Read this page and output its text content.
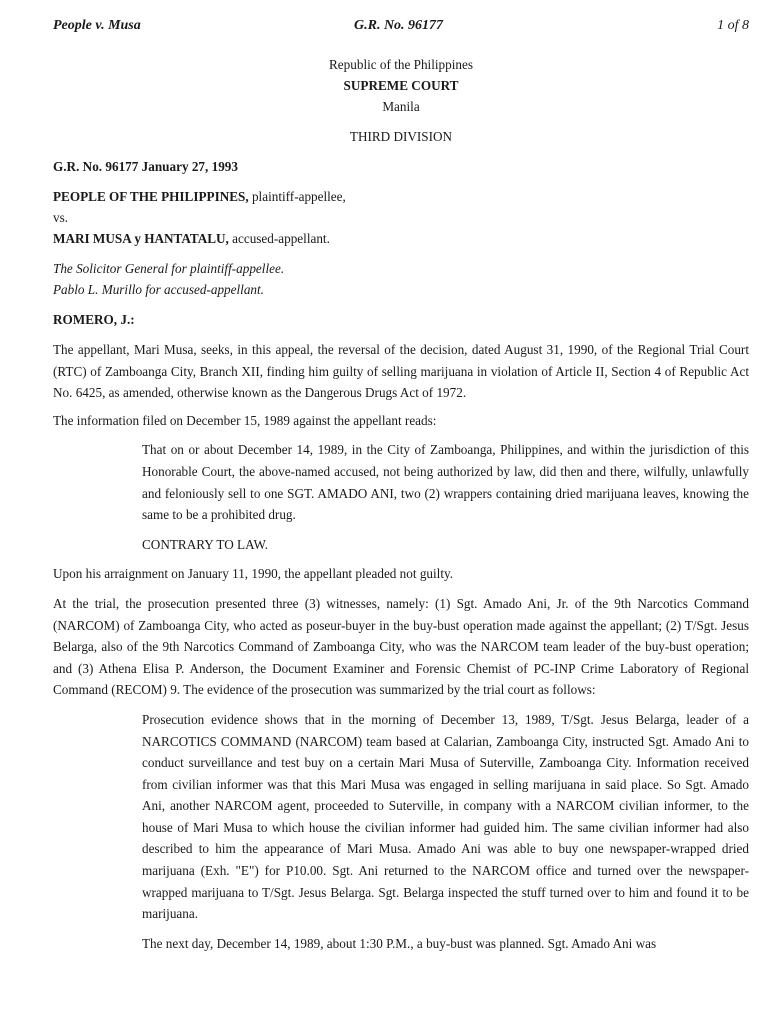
People v. Musa	G.R. No. 96177	1 of 8
Republic of the Philippines
SUPREME COURT
Manila
THIRD DIVISION
G.R. No. 96177 January 27, 1993
PEOPLE OF THE PHILIPPINES, plaintiff-appellee,
vs.
MARI MUSA y HANTATALU, accused-appellant.
The Solicitor General for plaintiff-appellee.
Pablo L. Murillo for accused-appellant.
ROMERO, J.:

The appellant, Mari Musa, seeks, in this appeal, the reversal of the decision, dated August 31, 1990, of the Regional Trial Court (RTC) of Zamboanga City, Branch XII, finding him guilty of selling marijuana in violation of Article II, Section 4 of Republic Act No. 6425, as amended, otherwise known as the Dangerous Drugs Act of 1972.

The information filed on December 15, 1989 against the appellant reads:

That on or about December 14, 1989, in the City of Zamboanga, Philippines, and within the jurisdiction of this Honorable Court, the above-named accused, not being authorized by law, did then and there, wilfully, unlawfully and feloniously sell to one SGT. AMADO ANI, two (2) wrappers containing dried marijuana leaves, knowing the same to be a prohibited drug.

CONTRARY TO LAW.

Upon his arraignment on January 11, 1990, the appellant pleaded not guilty.

At the trial, the prosecution presented three (3) witnesses, namely: (1) Sgt. Amado Ani, Jr. of the 9th Narcotics Command (NARCOM) of Zamboanga City, who acted as poseur-buyer in the buy-bust operation made against the appellant; (2) T/Sgt. Jesus Belarga, also of the 9th Narcotics Command of Zamboanga City, who was the NARCOM team leader of the buy-bust operation; and (3) Athena Elisa P. Anderson, the Document Examiner and Forensic Chemist of PC-INP Crime Laboratory of Regional Command (RECOM) 9. The evidence of the prosecution was summarized by the trial court as follows:

Prosecution evidence shows that in the morning of December 13, 1989, T/Sgt. Jesus Belarga, leader of a NARCOTICS COMMAND (NARCOM) team based at Calarian, Zamboanga City, instructed Sgt. Amado Ani to conduct surveillance and test buy on a certain Mari Musa of Suterville, Zamboanga City. Information received from civilian informer was that this Mari Musa was engaged in selling marijuana in said place. So Sgt. Amado Ani, another NARCOM agent, proceeded to Suterville, in company with a NARCOM civilian informer, to the house of Mari Musa to which house the civilian informer had guided him. The same civilian informer had also described to him the appearance of Mari Musa. Amado Ani was able to buy one newspaper-wrapped dried marijuana (Exh. "E") for P10.00. Sgt. Ani returned to the NARCOM office and turned over the newspaper-wrapped marijuana to T/Sgt. Jesus Belarga. Sgt. Belarga inspected the stuff turned over to him and found it to be marijuana.

The next day, December 14, 1989, about 1:30 P.M., a buy-bust was planned. Sgt. Amado Ani was
